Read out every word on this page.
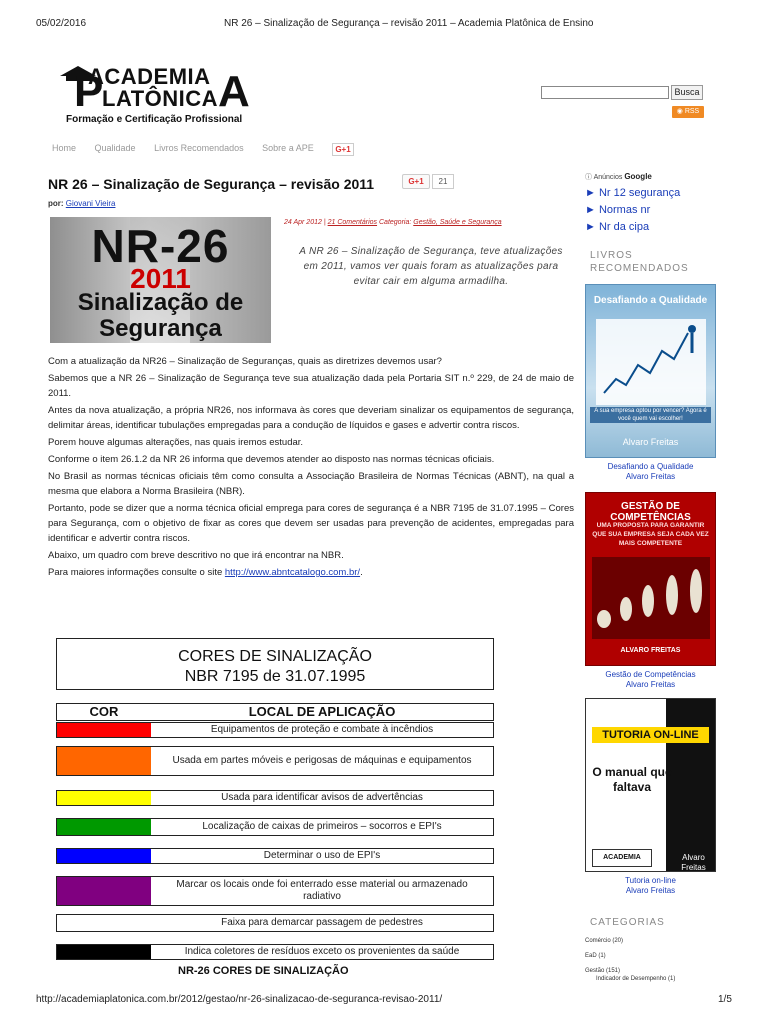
05/02/2016	NR 26 – Sinalização de Segurança – revisão 2011 – Academia Platônica de Ensino
P
ACADEMIA
LATÔNICA A
Formação e Certificação Profissional
Busca
◉ RSS
Home Qualidade Livros Recomendados Sobre a APE	G+1
NR 26 – Sinalização de Segurança – revisão 2011	G+1	21
por: Giovani Vieira
NR-26
2011
Sinalização de
Segurança
24 Apr 2012 | 21 Comentários Categoria: Gestão, Saúde e Segurança
A NR 26 – Sinalização de Segurança, teve atualizações em 2011, vamos ver quais foram as atualizações para evitar cair em alguma armadilha.

Com a atualização da NR26 – Sinalização de Seguranças, quais as diretrizes devemos usar?

Sabemos que a NR 26 – Sinalização de Segurança teve sua atualização dada pela Portaria SIT n.º 229, de 24 de maio de 2011.

Antes da nova atualização, a própria NR26, nos informava às cores que deveriam sinalizar os equipamentos de segurança, delimitar áreas, identificar tubulações empregadas para a condução de líquidos e gases e advertir contra riscos.

Porem houve algumas alterações, nas quais iremos estudar.

Conforme o item 26.1.2 da NR 26 informa que devemos atender ao disposto nas normas técnicas oficiais.

No Brasil as normas técnicas oficiais têm como consulta a Associação Brasileira de Normas Técnicas (ABNT), na qual a mesma que elabora a Norma Brasileira (NBR).

Portanto, pode se dizer que a norma técnica oficial emprega para cores de segurança é a NBR 7195 de 31.07.1995 – Cores para Segurança, com o objetivo de fixar as cores que devem ser usadas para prevenção de acidentes, empregadas para identificar e advertir contra riscos.

Abaixo, um quadro com breve descritivo no que irá encontrar na NBR.

Para maiores informações consulte o site http://www.abntcatalogo.com.br/.

CORES DE SINALIZAÇÃO
NBR 7195 de 31.07.1995
COR	LOCAL DE APLICAÇÃO
Equipamentos de proteção e combate à incêndios
Usada em partes móveis e perigosas de máquinas e equipamentos
Usada para identificar avisos de advertências
Localização de caixas de primeiros – socorros e EPI's
Determinar o uso de EPI's
Marcar os locais onde foi enterrado esse material ou armazenado radiativo
Faixa para demarcar passagem de pedestres
Indica coletores de resíduos exceto os provenientes da saúde
NR-26 CORES DE SINALIZAÇÃO
ⓘ Anúncios Google
► Nr 12 segurança
► Normas nr
► Nr da cipa
LIVROS RECOMENDADOS
Desafiando a Qualidade
A sua empresa optou por vencer? Agora é você quem vai escolher!
Alvaro Freitas
Desafiando a Qualidade
Alvaro Freitas
GESTÃO DE COMPETÊNCIAS
UMA PROPOSTA PARA GARANTIR QUE SUA EMPRESA SEJA CADA VEZ MAIS COMPETENTE
ALVARO FREITAS
Gestão de Competências
Alvaro Freitas
TUTORIA ON-LINE
O manual que faltava
ACADEMIA	Alvaro Freitas
Tutoria on-line
Alvaro Freitas
CATEGORIAS
Comércio (20)
EaD (1)
Gestão (151)
Indicador de Desempenho (1)
http://academiaplatonica.com.br/2012/gestao/nr-26-sinalizacao-de-seguranca-revisao-2011/	1/5
